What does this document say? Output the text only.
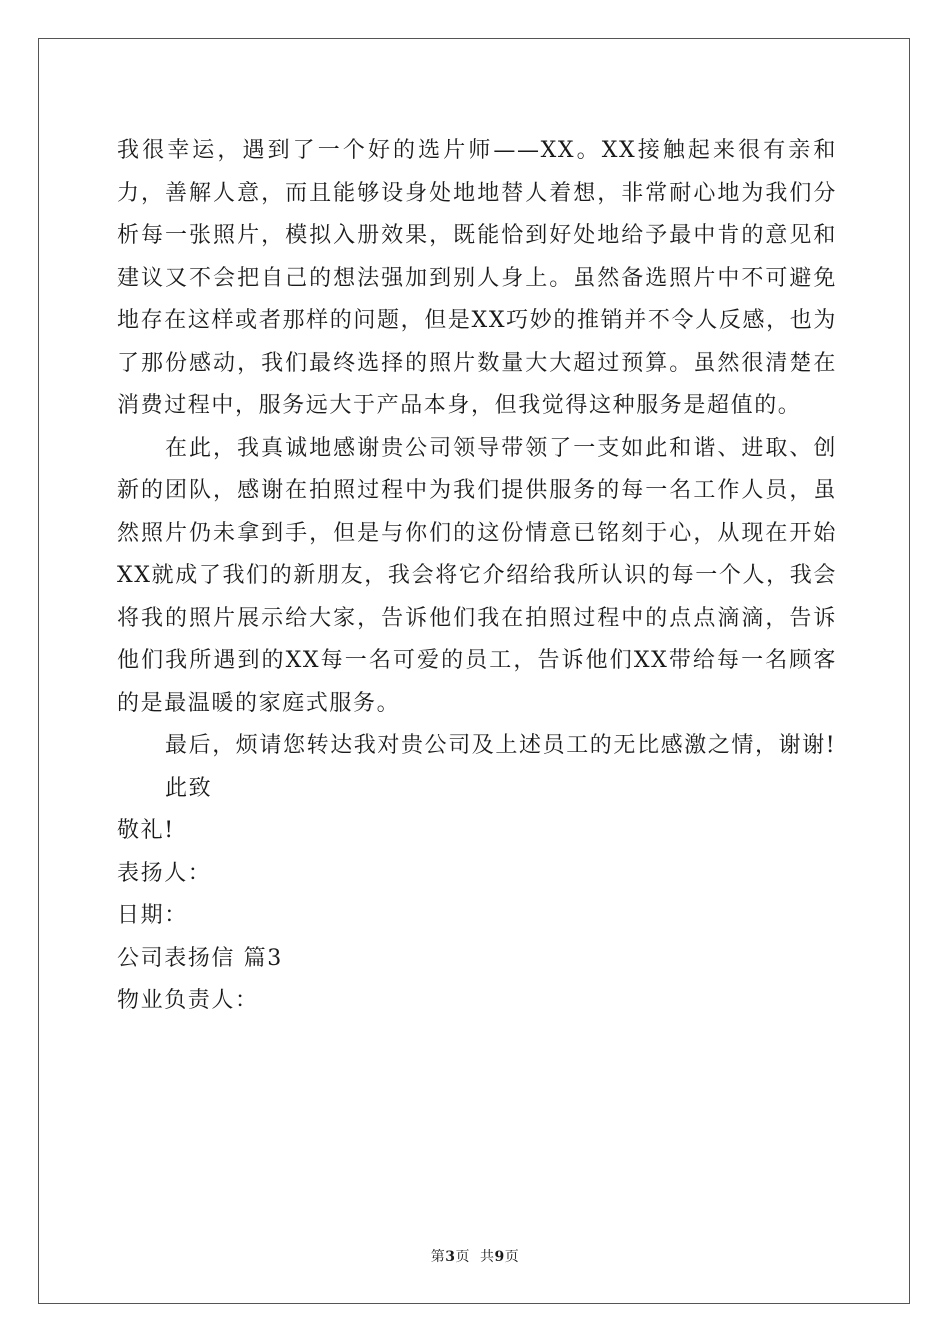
我很幸运，遇到了一个好的选片师——XX。XX接触起来很有亲和力，善解人意，而且能够设身处地地替人着想，非常耐心地为我们分析每一张照片，模拟入册效果，既能恰到好处地给予最中肯的意见和建议又不会把自己的想法强加到别人身上。虽然备选照片中不可避免地存在这样或者那样的问题，但是XX巧妙的推销并不令人反感，也为了那份感动，我们最终选择的照片数量大大超过预算。虽然很清楚在消费过程中，服务远大于产品本身，但我觉得这种服务是超值的。

在此，我真诚地感谢贵公司领导带领了一支如此和谐、进取、创新的团队，感谢在拍照过程中为我们提供服务的每一名工作人员，虽然照片仍未拿到手，但是与你们的这份情意已铭刻于心，从现在开始XX就成了我们的新朋友，我会将它介绍给我所认识的每一个人，我会将我的照片展示给大家，告诉他们我在拍照过程中的点点滴滴，告诉他们我所遇到的XX每一名可爱的员工，告诉他们XX带给每一名顾客的是最温暖的家庭式服务。

最后，烦请您转达我对贵公司及上述员工的无比感激之情，谢谢!

此致

敬礼!

表扬人：

日期：

公司表扬信 篇3

物业负责人：

第3页 共9页
